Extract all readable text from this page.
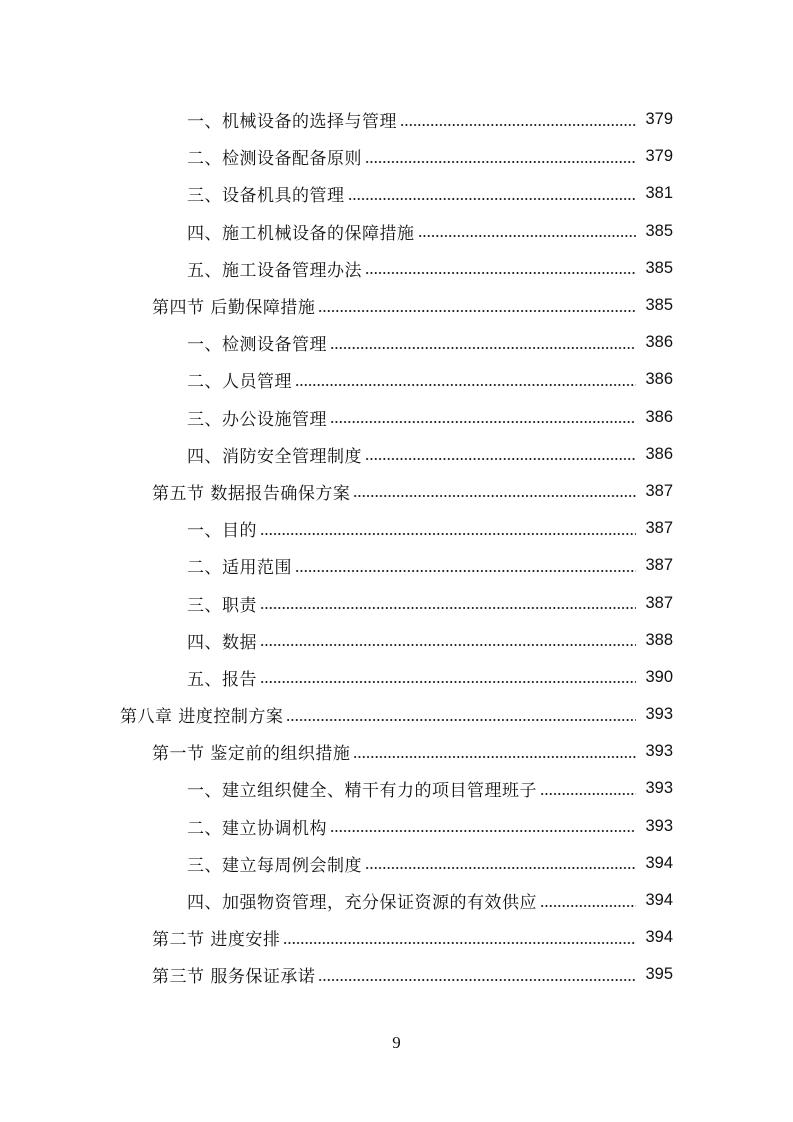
一、机械设备的选择与管理	379
二、检测设备配备原则	379
三、设备机具的管理	381
四、施工机械设备的保障措施	385
五、施工设备管理办法	385
第四节 后勤保障措施	385
一、检测设备管理	386
二、人员管理	386
三、办公设施管理	386
四、消防安全管理制度	386
第五节 数据报告确保方案	387
一、目的	387
二、适用范围	387
三、职责	387
四、数据	388
五、报告	390
第八章 进度控制方案	393
第一节 鉴定前的组织措施	393
一、建立组织健全、精干有力的项目管理班子	393
二、建立协调机构	393
三、建立每周例会制度	394
四、加强物资管理，充分保证资源的有效供应	394
第二节 进度安排	394
第三节 服务保证承诺	395
9
